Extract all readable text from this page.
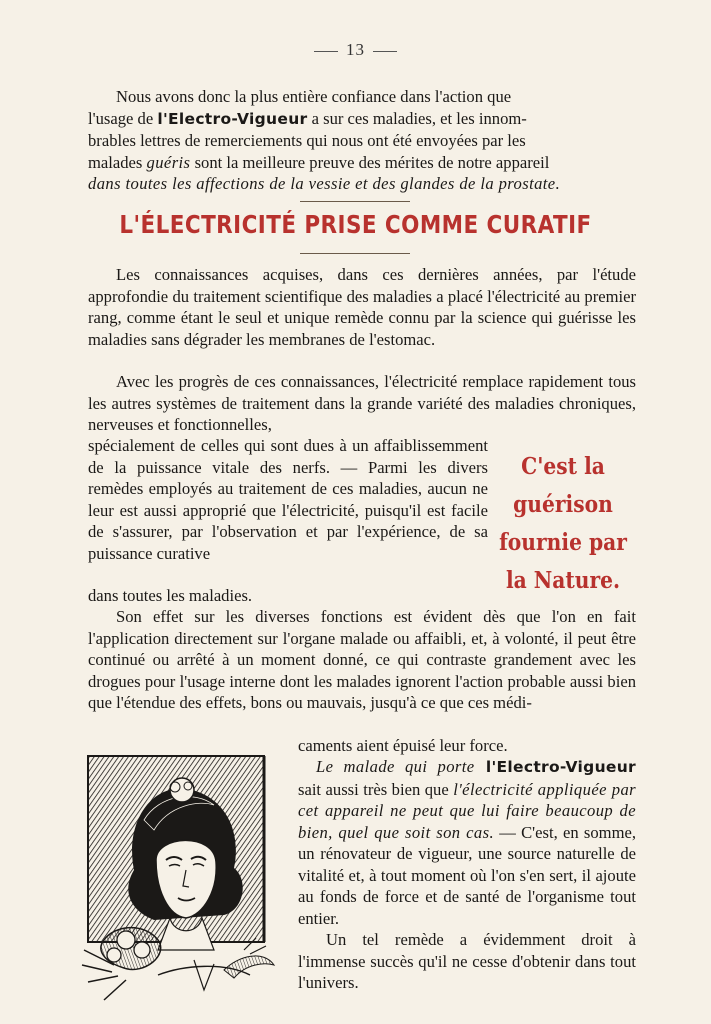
13
Nous avons donc la plus entière confiance dans l'action que
l'usage de l'Electro-Vigueur a sur ces maladies, et les innom-
brables lettres de remerciements qui nous ont été envoyées par les
malades guéris sont la meilleure preuve des mérites de notre appareil
dans toutes les affections de la vessie et des glandes de la prostate.
L'ÉLECTRICITÉ PRISE COMME CURATIF
Les connaissances acquises, dans ces dernières années, par l'étude approfondie du traitement scientifique des maladies a placé l'électricité au premier rang, comme étant le seul et unique remède connu par la science qui guérisse les maladies sans dégrader les membranes de l'estomac.
Avec les progrès de ces connaissances, l'électricité remplace rapidement tous les autres systèmes de traitement dans la grande variété des maladies chroniques, nerveuses et fonctionnelles,
spécialement de celles qui sont dues à un affaiblissemment de la puissance vitale des nerfs. — Parmi les divers remèdes employés au traitement de ces maladies, aucun ne leur est aussi approprié que l'électricité, puisqu'il est facile de s'assurer, par l'observation et par l'expérience, de sa puissance curative
dans toutes les maladies.
C'est la
guérison
fournie par
la Nature.
Son effet sur les diverses fonctions est évident dès que l'on en fait l'application directement sur l'organe malade ou affaibli, et, à volonté, il peut être continué ou arrêté à un moment donné, ce qui contraste grandement avec les drogues pour l'usage interne dont les malades ignorent l'action probable aussi bien que l'étendue des effets, bons ou mauvais, jusqu'à ce que ces médi-
caments aient épuisé leur force.
Le malade qui porte l'Electro-Vigueur sait aussi très bien que l'électricité appliquée par cet appareil ne peut que lui faire beaucoup de bien, quel que soit son cas. — C'est, en somme, un rénovateur de vigueur, une source naturelle de vitalité et, à tout moment où l'on s'en sert, il ajoute au fonds de force et de santé de l'organisme tout entier.
Un tel remède a évidemment droit à l'immense succès qu'il ne cesse d'obtenir dans tout l'univers.
